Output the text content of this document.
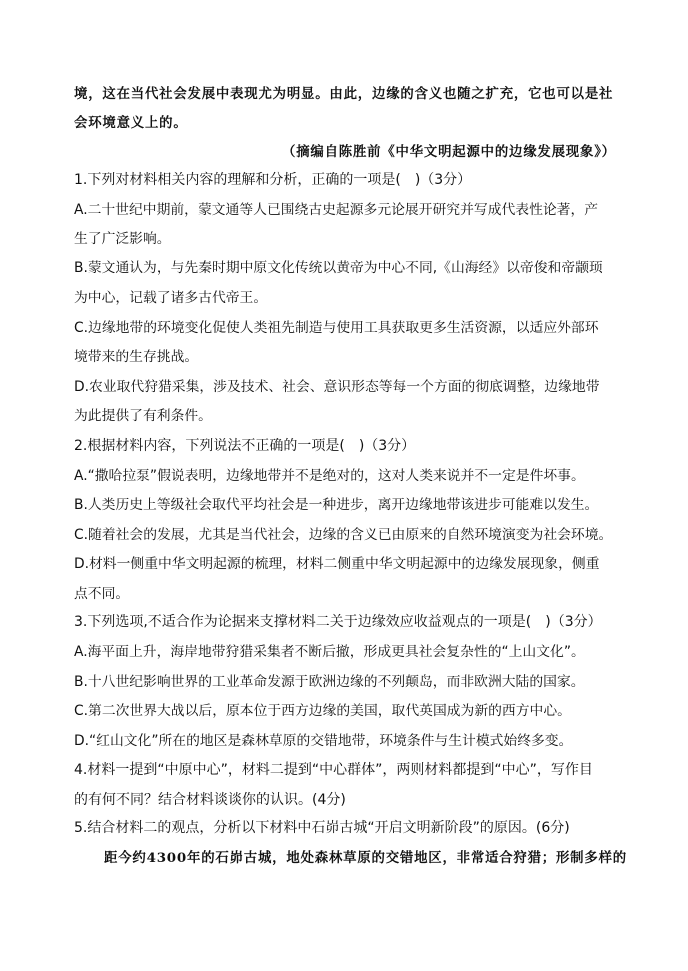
境，这在当代社会发展中表现尤为明显。由此，边缘的含义也随之扩充，它也可以是社
会环境意义上的。
（摘编自陈胜前《中华文明起源中的边缘发展现象》）
1.下列对材料相关内容的理解和分析，正确的一项是(　)（3分）
A.二十世纪中期前，蒙文通等人已围绕古史起源多元论展开研究并写成代表性论著，产
生了广泛影响。
B.蒙文通认为，与先秦时期中原文化传统以黄帝为中心不同,《山海经》以帝俊和帝颛顼
为中心，记载了诸多古代帝王。
C.边缘地带的环境变化促使人类祖先制造与使用工具获取更多生活资源，以适应外部环
境带来的生存挑战。
D.农业取代狩猎采集，涉及技术、社会、意识形态等每一个方面的彻底调整，边缘地带
为此提供了有利条件。
2.根据材料内容，下列说法不正确的一项是(　)（3分）
A.“撒哈拉泵”假说表明，边缘地带并不是绝对的，这对人类来说并不一定是件坏事。
B.人类历史上等级社会取代平均社会是一种进步，离开边缘地带该进步可能难以发生。
C.随着社会的发展，尤其是当代社会，边缘的含义已由原来的自然环境演变为社会环境。
D.材料一侧重中华文明起源的梳理，材料二侧重中华文明起源中的边缘发展现象，侧重
点不同。
3.下列选项,不适合作为论据来支撑材料二关于边缘效应收益观点的一项是(　)（3分）
A.海平面上升，海岸地带狩猎采集者不断后撤，形成更具社会复杂性的“上山文化”。
B.十八世纪影响世界的工业革命发源于欧洲边缘的不列颠岛，而非欧洲大陆的国家。
C.第二次世界大战以后，原本位于西方边缘的美国，取代英国成为新的西方中心。
D.“红山文化”所在的地区是森林草原的交错地带，环境条件与生计模式始终多变。
4.材料一提到“中原中心”，材料二提到“中心群体”，两则材料都提到“中心”，写作目
的有何不同？结合材料谈谈你的认识。(4分)
5.结合材料二的观点，分析以下材料中石峁古城“开启文明新阶段”的原因。(6分)
距今约4300年的石峁古城，地处森林草原的交错地区，非常适合狩猎；形制多样的
